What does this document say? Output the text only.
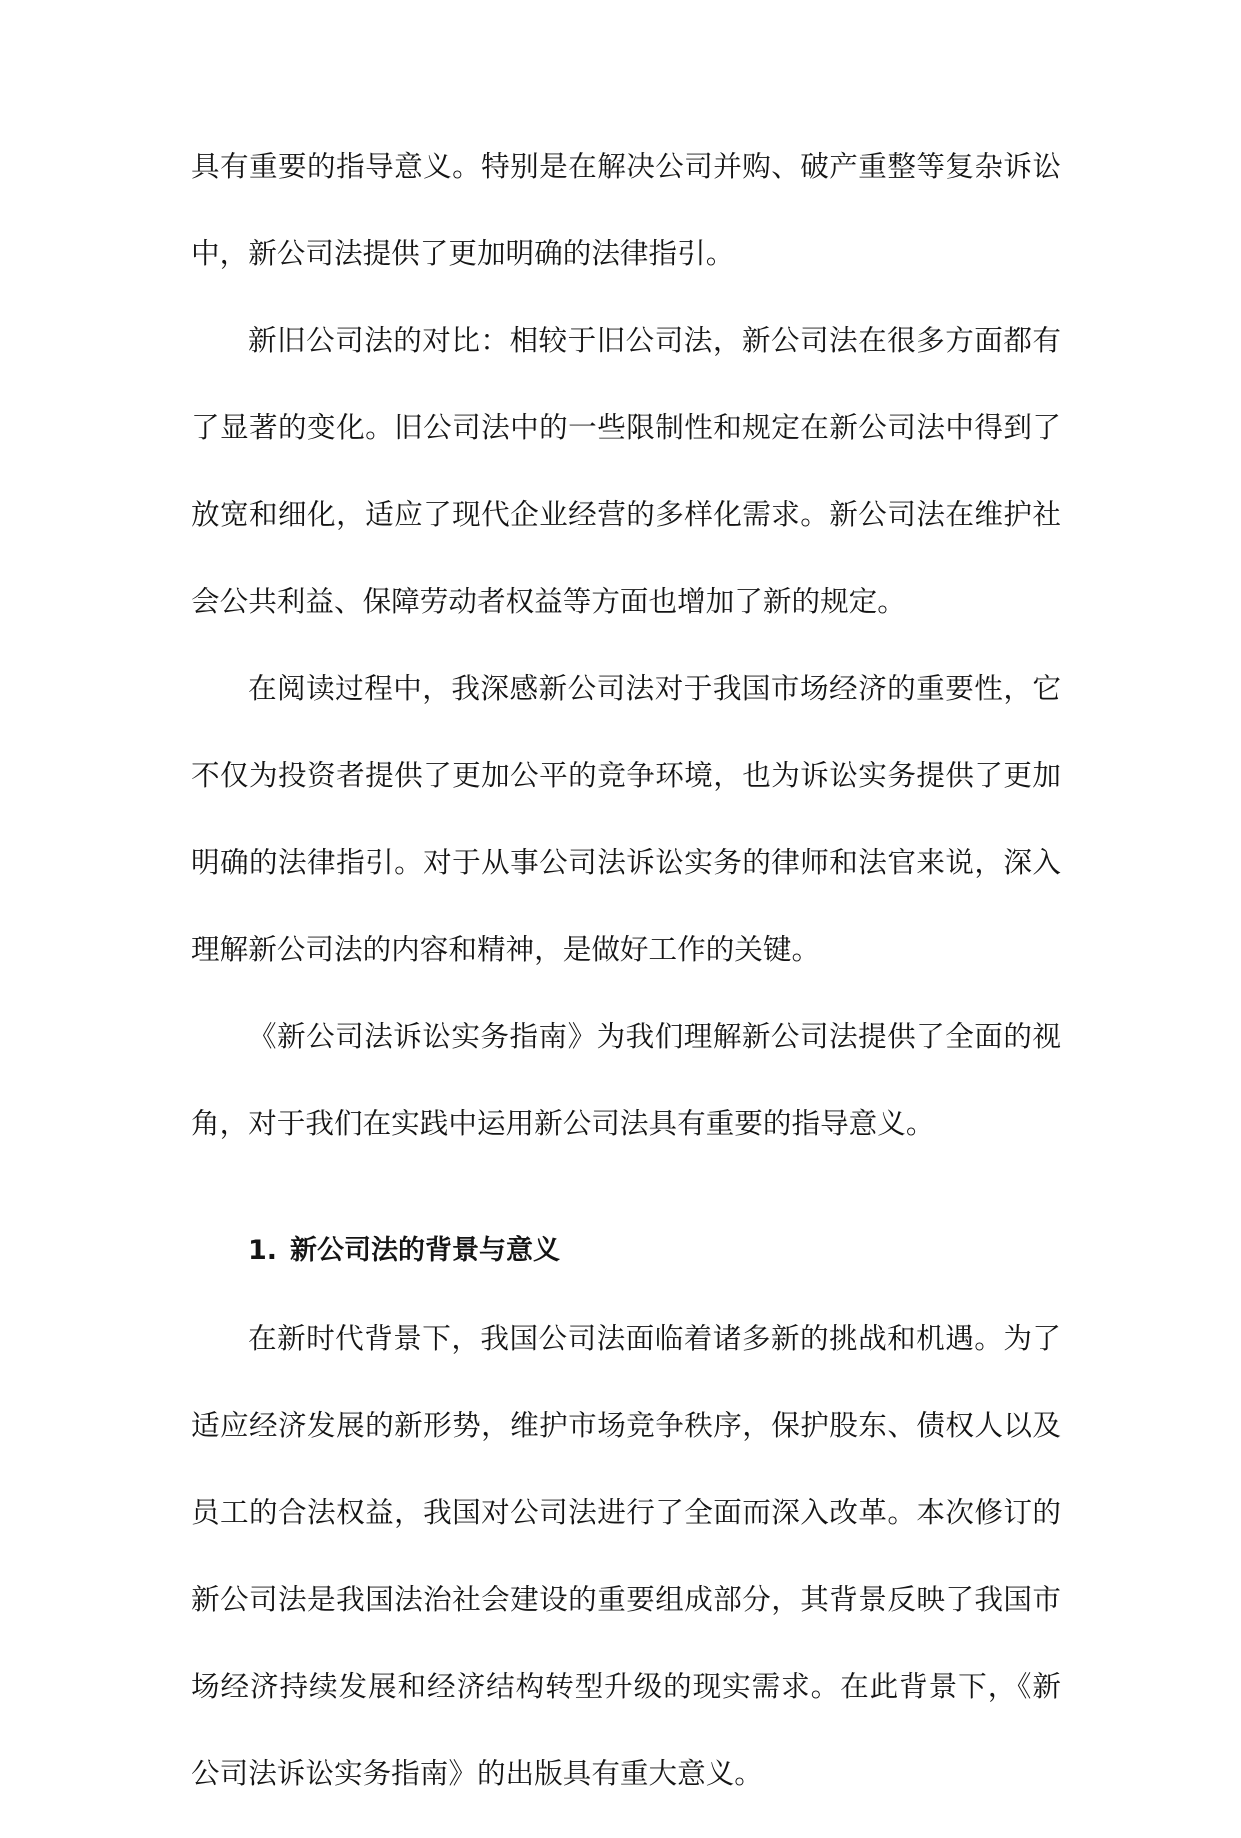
具有重要的指导意义。特别是在解决公司并购、破产重整等复杂诉讼
中，新公司法提供了更加明确的法律指引。
新旧公司法的对比：相较于旧公司法，新公司法在很多方面都有
了显著的变化。旧公司法中的一些限制性和规定在新公司法中得到了
放宽和细化，适应了现代企业经营的多样化需求。新公司法在维护社
会公共利益、保障劳动者权益等方面也增加了新的规定。
在阅读过程中，我深感新公司法对于我国市场经济的重要性，它
不仅为投资者提供了更加公平的竞争环境，也为诉讼实务提供了更加
明确的法律指引。对于从事公司法诉讼实务的律师和法官来说，深入
理解新公司法的内容和精神，是做好工作的关键。
《新公司法诉讼实务指南》为我们理解新公司法提供了全面的视
角，对于我们在实践中运用新公司法具有重要的指导意义。
1. 新公司法的背景与意义
在新时代背景下，我国公司法面临着诸多新的挑战和机遇。为了
适应经济发展的新形势，维护市场竞争秩序，保护股东、债权人以及
员工的合法权益，我国对公司法进行了全面而深入改革。本次修订的
新公司法是我国法治社会建设的重要组成部分，其背景反映了我国市
场经济持续发展和经济结构转型升级的现实需求。在此背景下，《新
公司法诉讼实务指南》的出版具有重大意义。
